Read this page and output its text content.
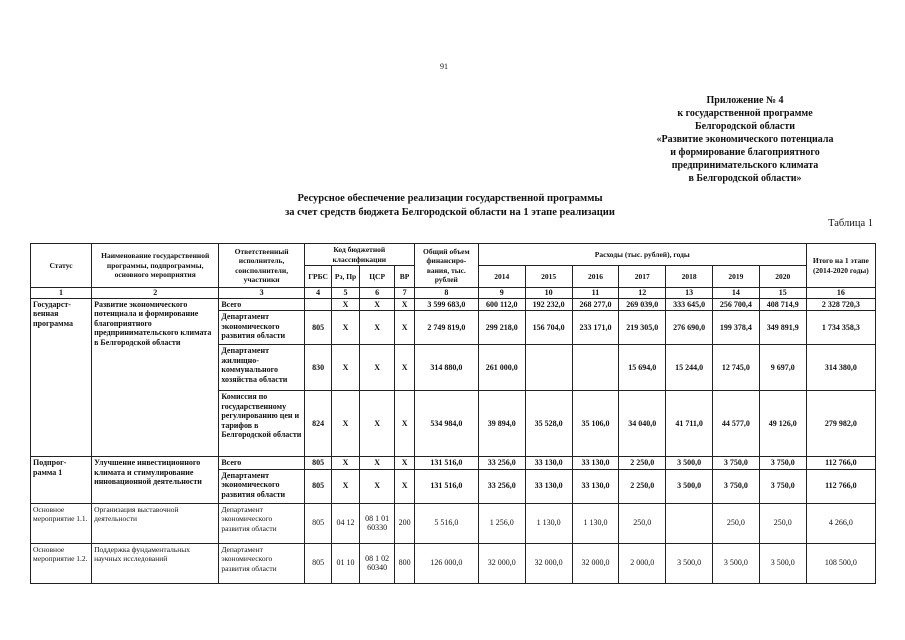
91
Приложение № 4
к государственной программе
Белгородской области
«Развитие экономического потенциала
и формирование благоприятного
предпринимательского климата
в Белгородской области»
Ресурсное обеспечение реализации государственной программы
за счет средств бюджета Белгородской области на 1 этапе реализации
Таблица 1
Статус	Наименование государственной программы, подпрограммы, основного мероприятия	Ответственный исполнитель, соисполнители, участники	Код бюджетной классификации				Общий объем финансиро-вания, тыс. рублей	Расходы (тыс. рублей), годы							Итого на 1 этапе (2014-2020 годы)
			ГРБС	Рз, Пр	ЦСР	ВР		2014	2015	2016	2017	2018	2019	2020	
1	2	3	4	5	6	7	8	9	10	11	12	13	14	15	16
Государст-венная программа	Развитие экономического потенциала и формирование благоприятного предпринимательского климата в Белгородской области	Всего		X	X	X	3 599 683,0	600 112,0	192 232,0	268 277,0	269 039,0	333 645,0	256 700,4	408 714,9	2 328 720,3
		Департамент экономического развития области	805	X	X	X	2 749 819,0	299 218,0	156 704,0	233 171,0	219 305,0	276 690,0	199 378,4	349 891,9	1 734 358,3
		Департамент жилищно-коммунального хозяйства области	830	X	X	X	314 880,0	261 000,0			15 694,0	15 244,0	12 745,0	9 697,0	314 380,0
		Комиссия по государственному регулированию цен и тарифов в Белгородской области	824	X	X	X	534 984,0	39 894,0	35 528,0	35 106,0	34 040,0	41 711,0	44 577,0	49 126,0	279 982,0
Подпрог-рамма 1	Улучшение инвестиционного климата и стимулирование инновационной деятельности	Всего	805	X	X	X	131 516,0	33 256,0	33 130,0	33 130,0	2 250,0	3 500,0	3 750,0	3 750,0	112 766,0
		Департамент экономического развития области	805	X	X	X	131 516,0	33 256,0	33 130,0	33 130,0	2 250,0	3 500,0	3 750,0	3 750,0	112 766,0
Основное мероприятие 1.1.	Организация выставочной деятельности	Департамент экономического развития области	805	04 12	08 1 01 60330	200	5 516,0	1 256,0	1 130,0	1 130,0	250,0		250,0	250,0	4 266,0
Основное мероприятие 1.2.	Поддержка фундаментальных научных исследований	Департамент экономического развития области	805	01 10	08 1 02 60340	800	126 000,0	32 000,0	32 000,0	32 000,0	2 000,0	3 500,0	3 500,0	3 500,0	108 500,0
